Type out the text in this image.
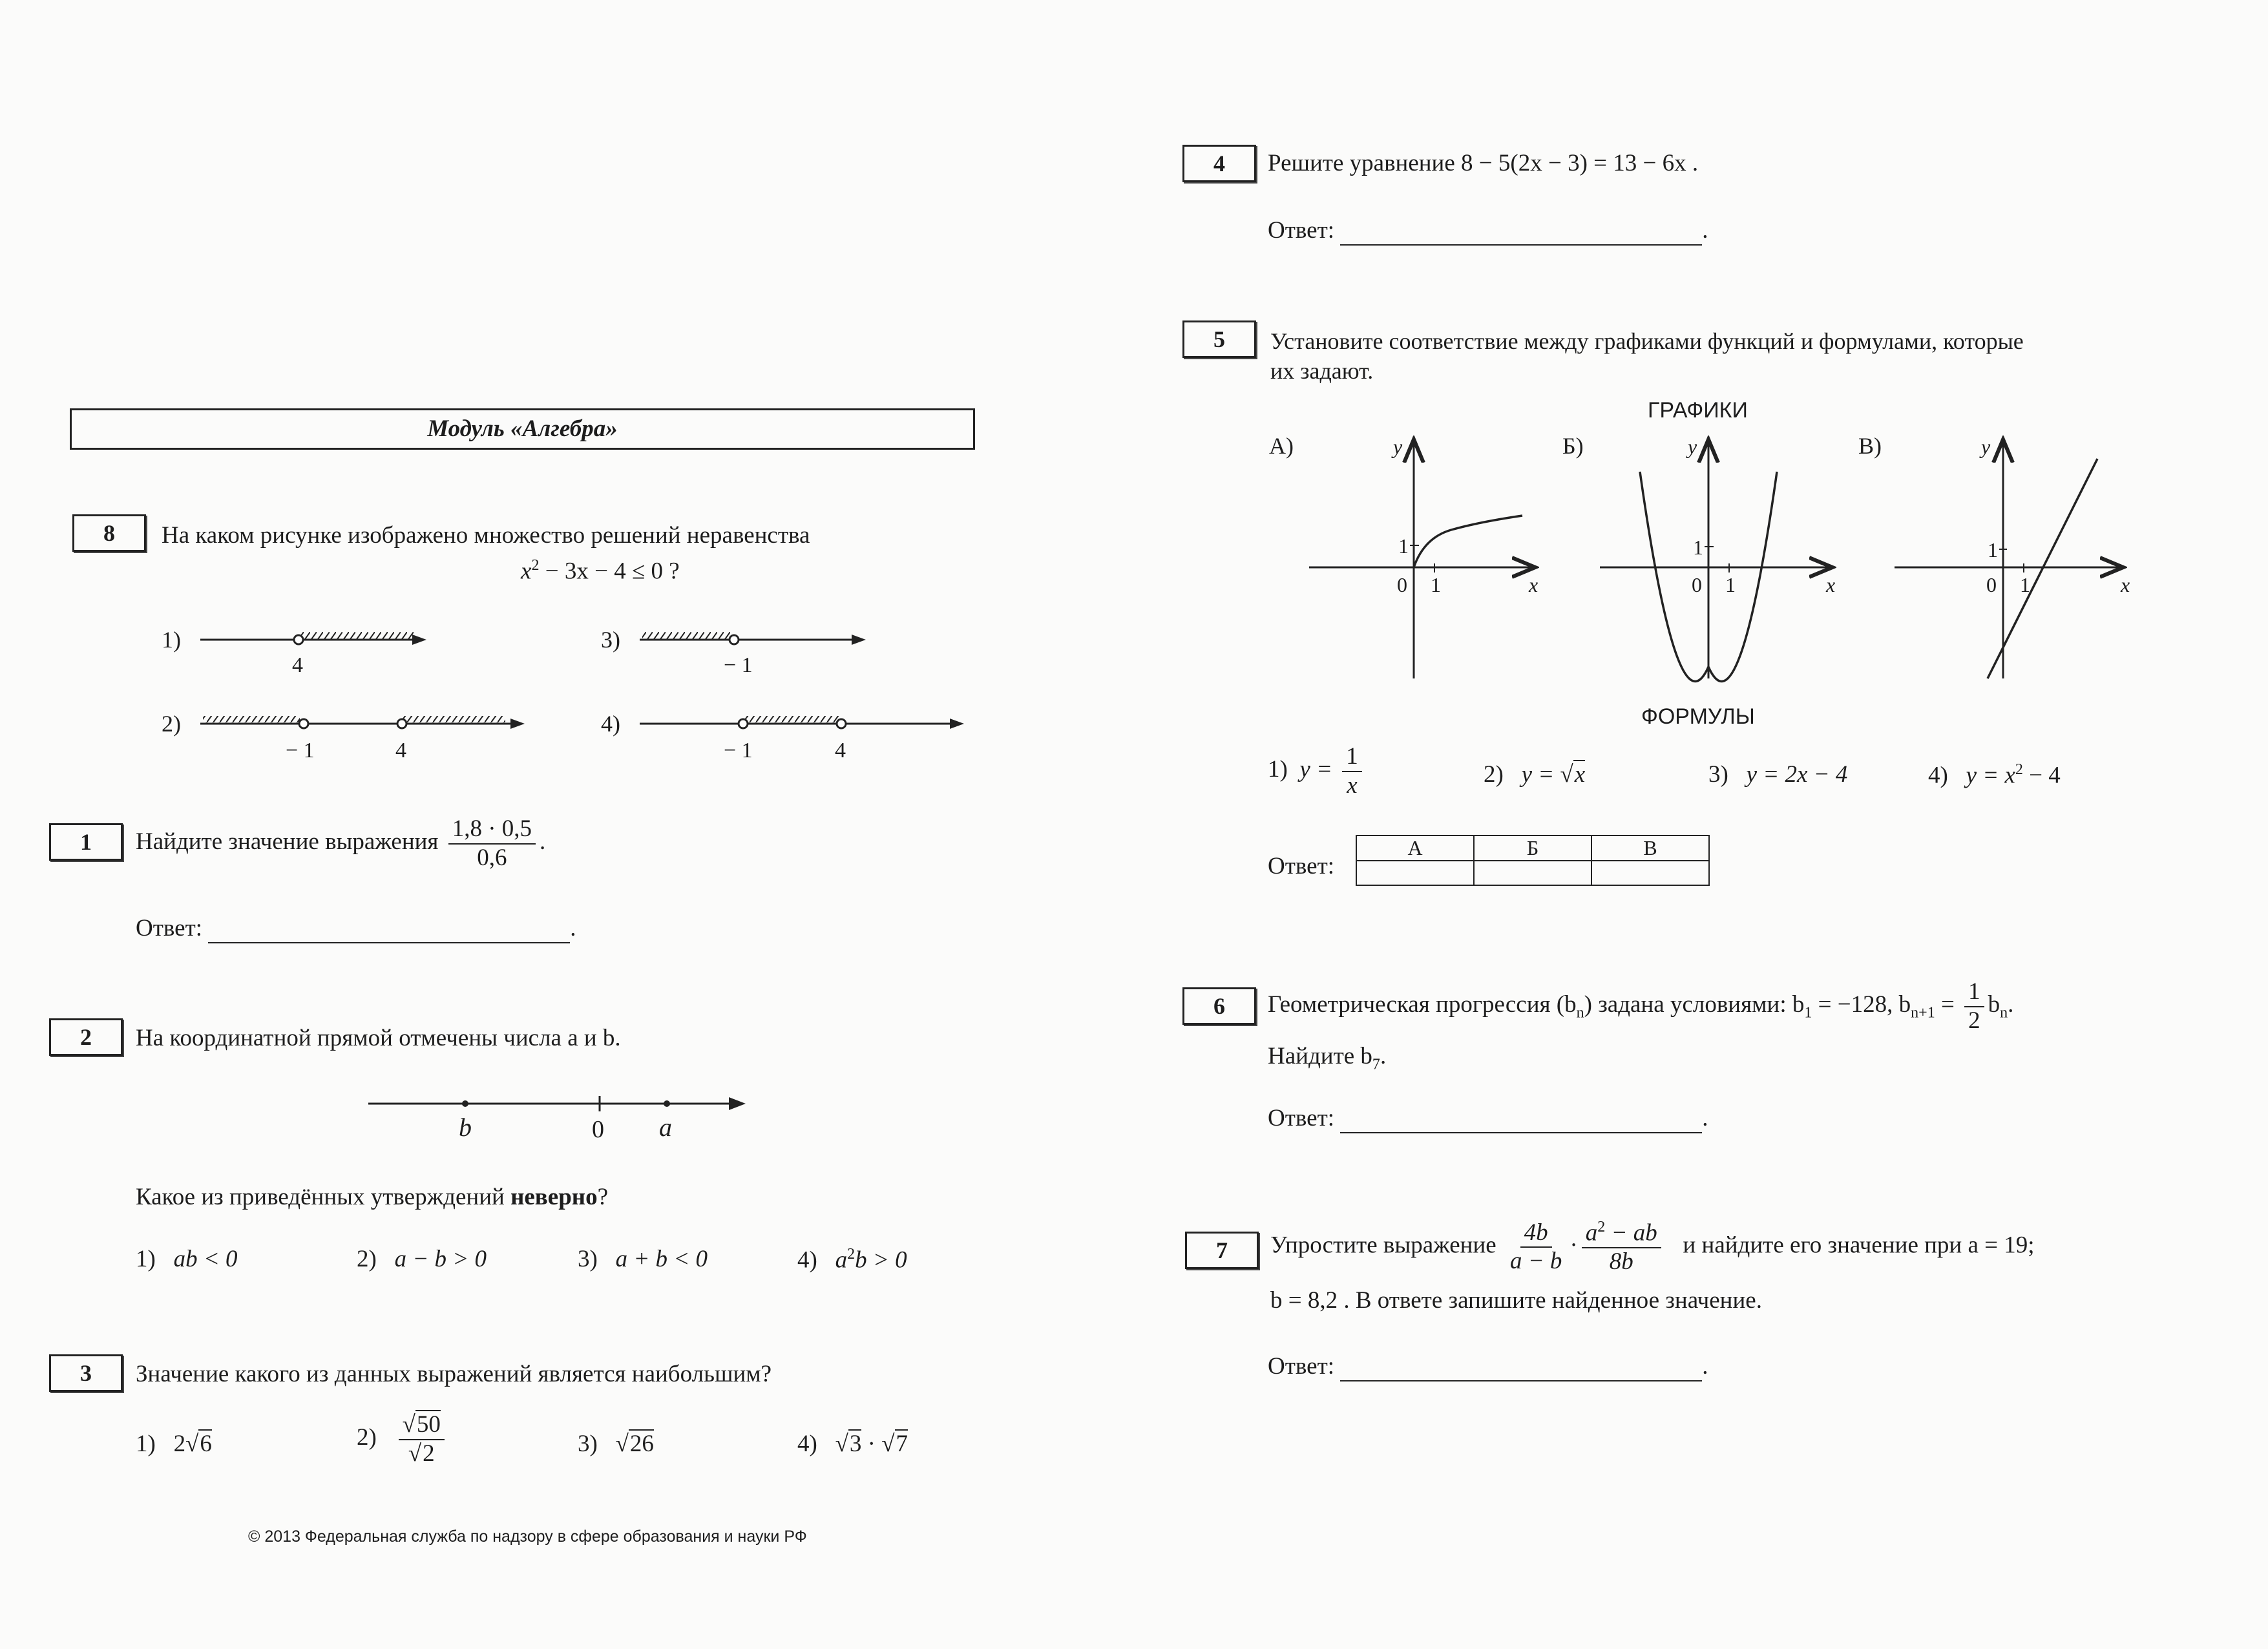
Модуль «Алгебра»
8	На каком рисунке изображено множество решений неравенства
$x^2 - 3x - 4 \le 0$ ?
1)
4
3)
− 1
2)
− 1	4
4)
− 1	4
1	Найдите значение выражения $\frac{1,8 \cdot 0,5}{0,6}$ .
Ответ:	.
2	На координатной прямой отмечены числа a и b.
b	0 a
Какое из приведённых утверждений неверно?
1) ab < 0	2) a − b > 0	3) a + b < 0	4) $a^2b > 0$
3	Значение какого из данных выражений является наибольшим?
1) 2√6	$2) \frac{√50}{√2}$	3)   √26	4)   √3 · √7
© 2013 Федеральная служба по надзору в сфере образования и науки РФ
4	Решите уравнение 8 − 5(2x − 3) = 13 − 6x .
Ответ:	.
5	Установите соответствие между графиками функций и формулами, которые
их задают.
ГРАФИКИ
А)	y
x
0 1
1
Б)	y
x
0 1
1
В)	y
x
0 1
1
ФОРМУЛЫ
1) $y = \frac{1}{x}$	2) y = √x	3) y = 2x − 4	4) $y = x^2 - 4$
Ответ:
А	Б	В

6	Геометрическая прогрессия $(b_n)$ задана условиями: $b_1 = -128$, $b_{n+1} = \frac{1}{2} b_n$.
Найдите $b_7$.
Ответ:	.
7	Упростите выражение $\frac{4b}{a - b} \cdot \frac{a^2 - ab}{8b}$ и найдите его значение при a = 19;
b = 8,2 . В ответе запишите найденное значение.
Ответ:	.
